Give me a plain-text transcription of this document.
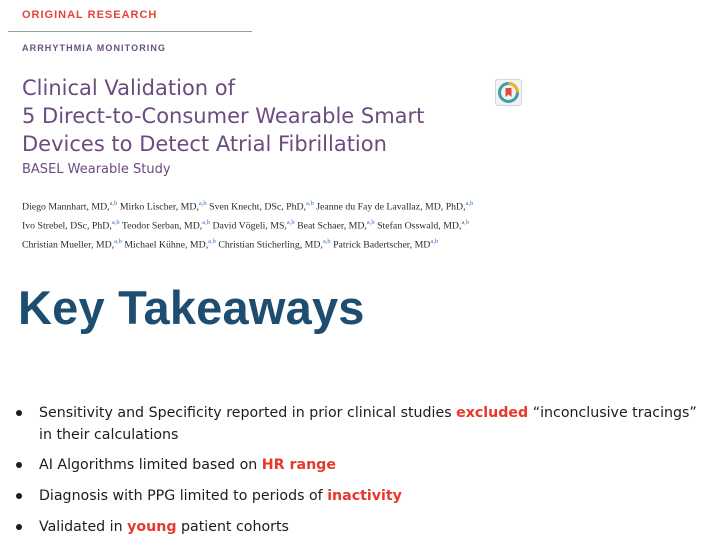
ORIGINAL RESEARCH
ARRHYTHMIA MONITORING
Clinical Validation of
5 Direct-to-Consumer Wearable Smart
Devices to Detect Atrial Fibrillation
BASEL Wearable Study
Diego Mannhart, MD,$^{a,b}$ Mirko Lischer, MD,$^{a,b}$ Sven Knecht, DSc, PhD,$^{a,b}$ Jeanne du Fay de Lavallaz, MD, PhD,$^{a,b}$
Ivo Strebel, DSc, PhD,$^{a,b}$ Teodor Serban, MD,$^{a,b}$ David Vögeli, MS,$^{a,b}$ Beat Schaer, MD,$^{a,b}$ Stefan Osswald, MD,$^{a,b}$
Christian Mueller, MD,$^{a,b}$ Michael Kühne, MD,$^{a,b}$ Christian Sticherling, MD,$^{a,b}$ Patrick Badertscher, MD$^{a,b}$
Key Takeaways
Sensitivity and Specificity reported in prior clinical studies excluded “inconclusive tracings” in their calculations
AI Algorithms limited based on HR range
Diagnosis with PPG limited to periods of inactivity
Validated in young patient cohorts
